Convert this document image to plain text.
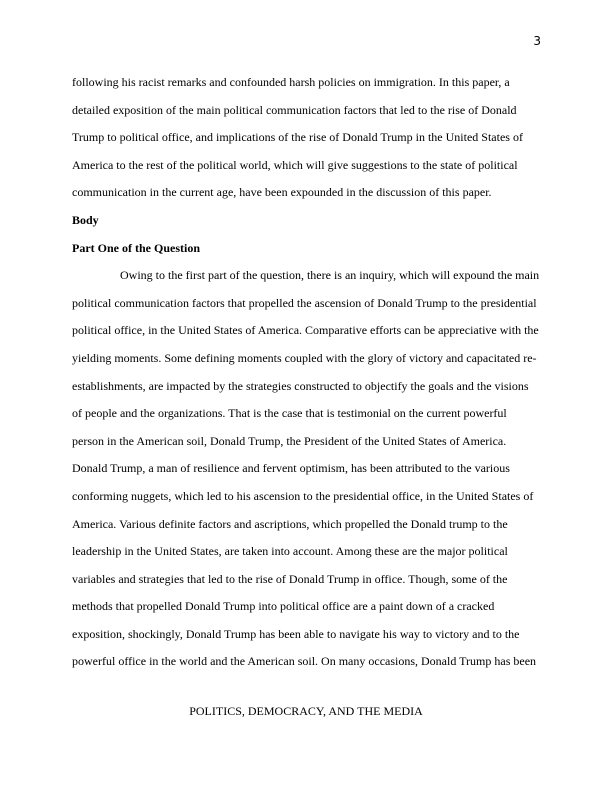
3
following his racist remarks and confounded harsh policies on immigration. In this paper, a
detailed exposition of the main political communication factors that led to the rise of Donald
Trump to political office, and implications of the rise of Donald Trump in the United States of
America to the rest of the political world, which will give suggestions to the state of political
communication in the current age, have been expounded in the discussion of this paper.
Body
Part One of the Question
Owing to the first part of the question, there is an inquiry, which will expound the main
political communication factors that propelled the ascension of Donald Trump to the presidential
political office, in the United States of America. Comparative efforts can be appreciative with the
yielding moments. Some defining moments coupled with the glory of victory and capacitated re-
establishments, are impacted by the strategies constructed to objectify the goals and the visions
of people and the organizations. That is the case that is testimonial on the current powerful
person in the American soil, Donald Trump, the President of the United States of America.
Donald Trump, a man of resilience and fervent optimism, has been attributed to the various
conforming nuggets, which led to his ascension to the presidential office, in the United States of
America. Various definite factors and ascriptions, which propelled the Donald trump to the
leadership in the United States, are taken into account. Among these are the major political
variables and strategies that led to the rise of Donald Trump in office. Though, some of the
methods that propelled Donald Trump into political office are a paint down of a cracked
exposition, shockingly, Donald Trump has been able to navigate his way to victory and to the
powerful office in the world and the American soil. On many occasions, Donald Trump has been
POLITICS, DEMOCRACY, AND THE MEDIA
